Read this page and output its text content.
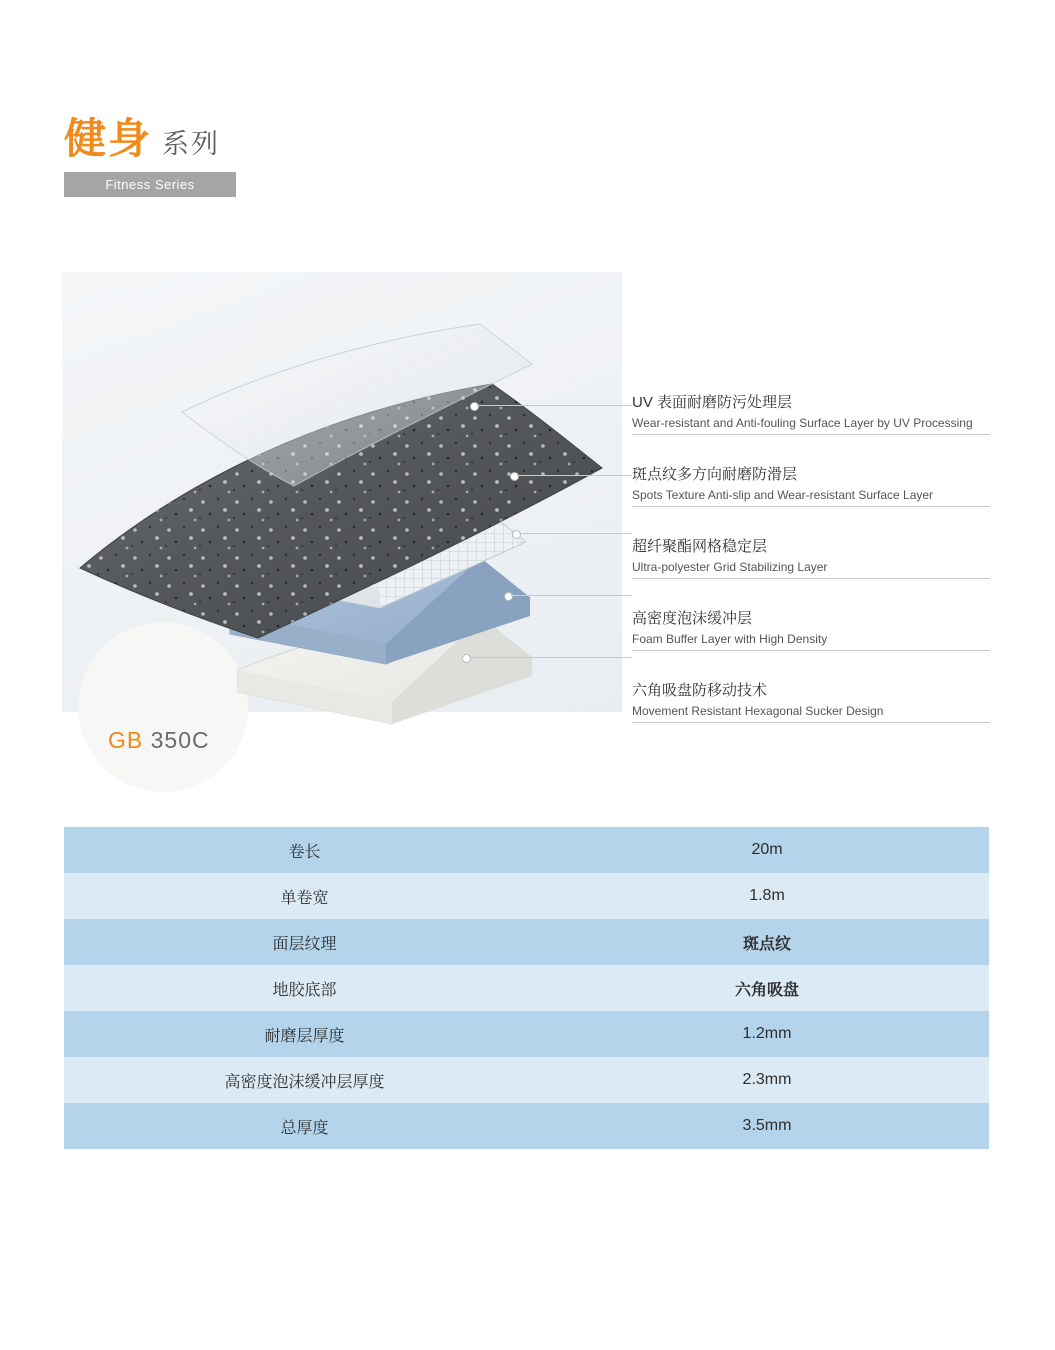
健身 系列
Fitness Series
GB 350C
UV 表面耐磨防污处理层
Wear-resistant and Anti-fouling Surface Layer by UV Processing
斑点纹多方向耐磨防滑层
Spots Texture Anti-slip and Wear-resistant Surface Layer
超纤聚酯网格稳定层
Ultra-polyester Grid Stabilizing Layer
高密度泡沫缓冲层
Foam Buffer Layer with High Density
六角吸盘防移动技术
Movement Resistant Hexagonal Sucker Design
卷长	20m
单卷宽	1.8m
面层纹理	斑点纹
地胶底部	六角吸盘
耐磨层厚度	1.2mm
高密度泡沫缓冲层厚度	2.3mm
总厚度	3.5mm
